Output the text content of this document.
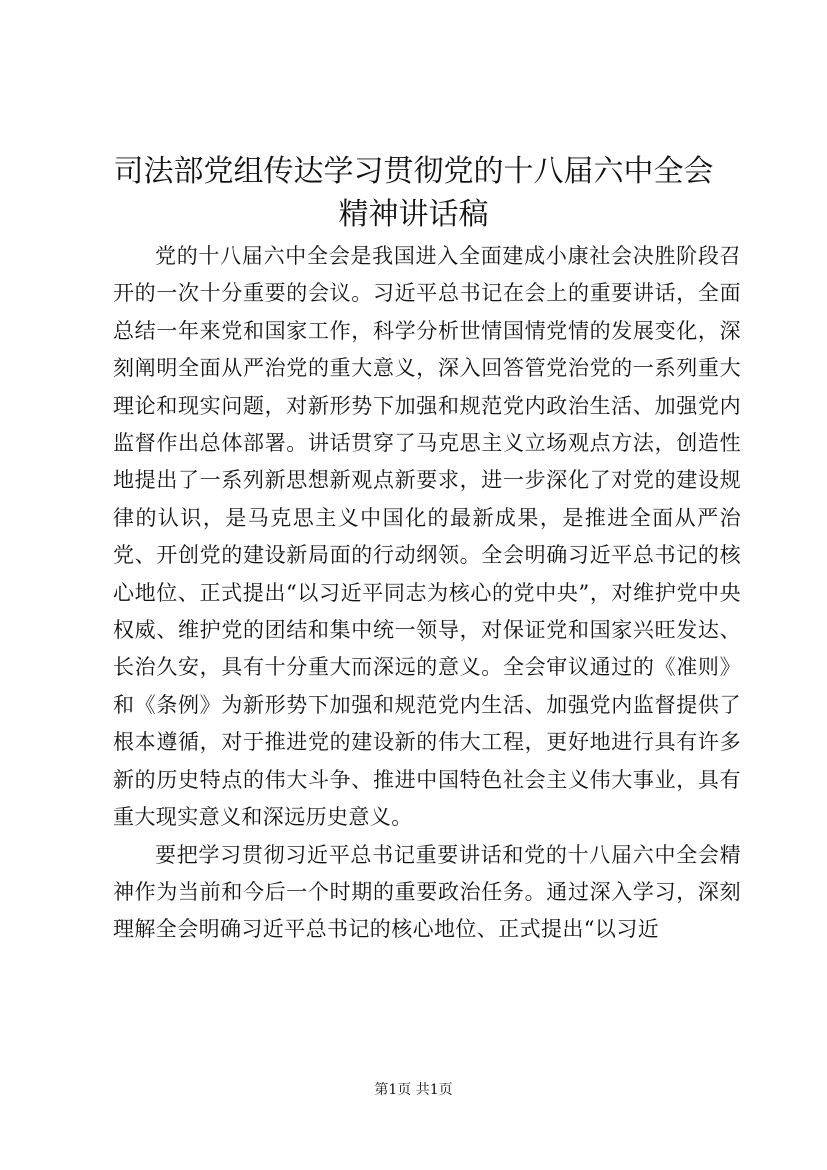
司法部党组传达学习贯彻党的十八届六中全会
精神讲话稿

党的十八届六中全会是我国进入全面建成小康社会决胜阶段召开的一次十分重要的会议。习近平总书记在会上的重要讲话，全面总结一年来党和国家工作，科学分析世情国情党情的发展变化，深刻阐明全面从严治党的重大意义，深入回答管党治党的一系列重大理论和现实问题，对新形势下加强和规范党内政治生活、加强党内监督作出总体部署。讲话贯穿了马克思主义立场观点方法，创造性地提出了一系列新思想新观点新要求，进一步深化了对党的建设规律的认识，是马克思主义中国化的最新成果，是推进全面从严治党、开创党的建设新局面的行动纲领。全会明确习近平总书记的核心地位、正式提出“以习近平同志为核心的党中央”，对维护党中央权威、维护党的团结和集中统一领导，对保证党和国家兴旺发达、长治久安，具有十分重大而深远的意义。全会审议通过的《准则》和《条例》为新形势下加强和规范党内生活、加强党内监督提供了根本遵循，对于推进党的建设新的伟大工程，更好地进行具有许多新的历史特点的伟大斗争、推进中国特色社会主义伟大事业，具有重大现实意义和深远历史意义。

要把学习贯彻习近平总书记重要讲话和党的十八届六中全会精神作为当前和今后一个时期的重要政治任务。通过深入学习，深刻理解全会明确习近平总书记的核心地位、正式提出“以习近

第1页 共1页
